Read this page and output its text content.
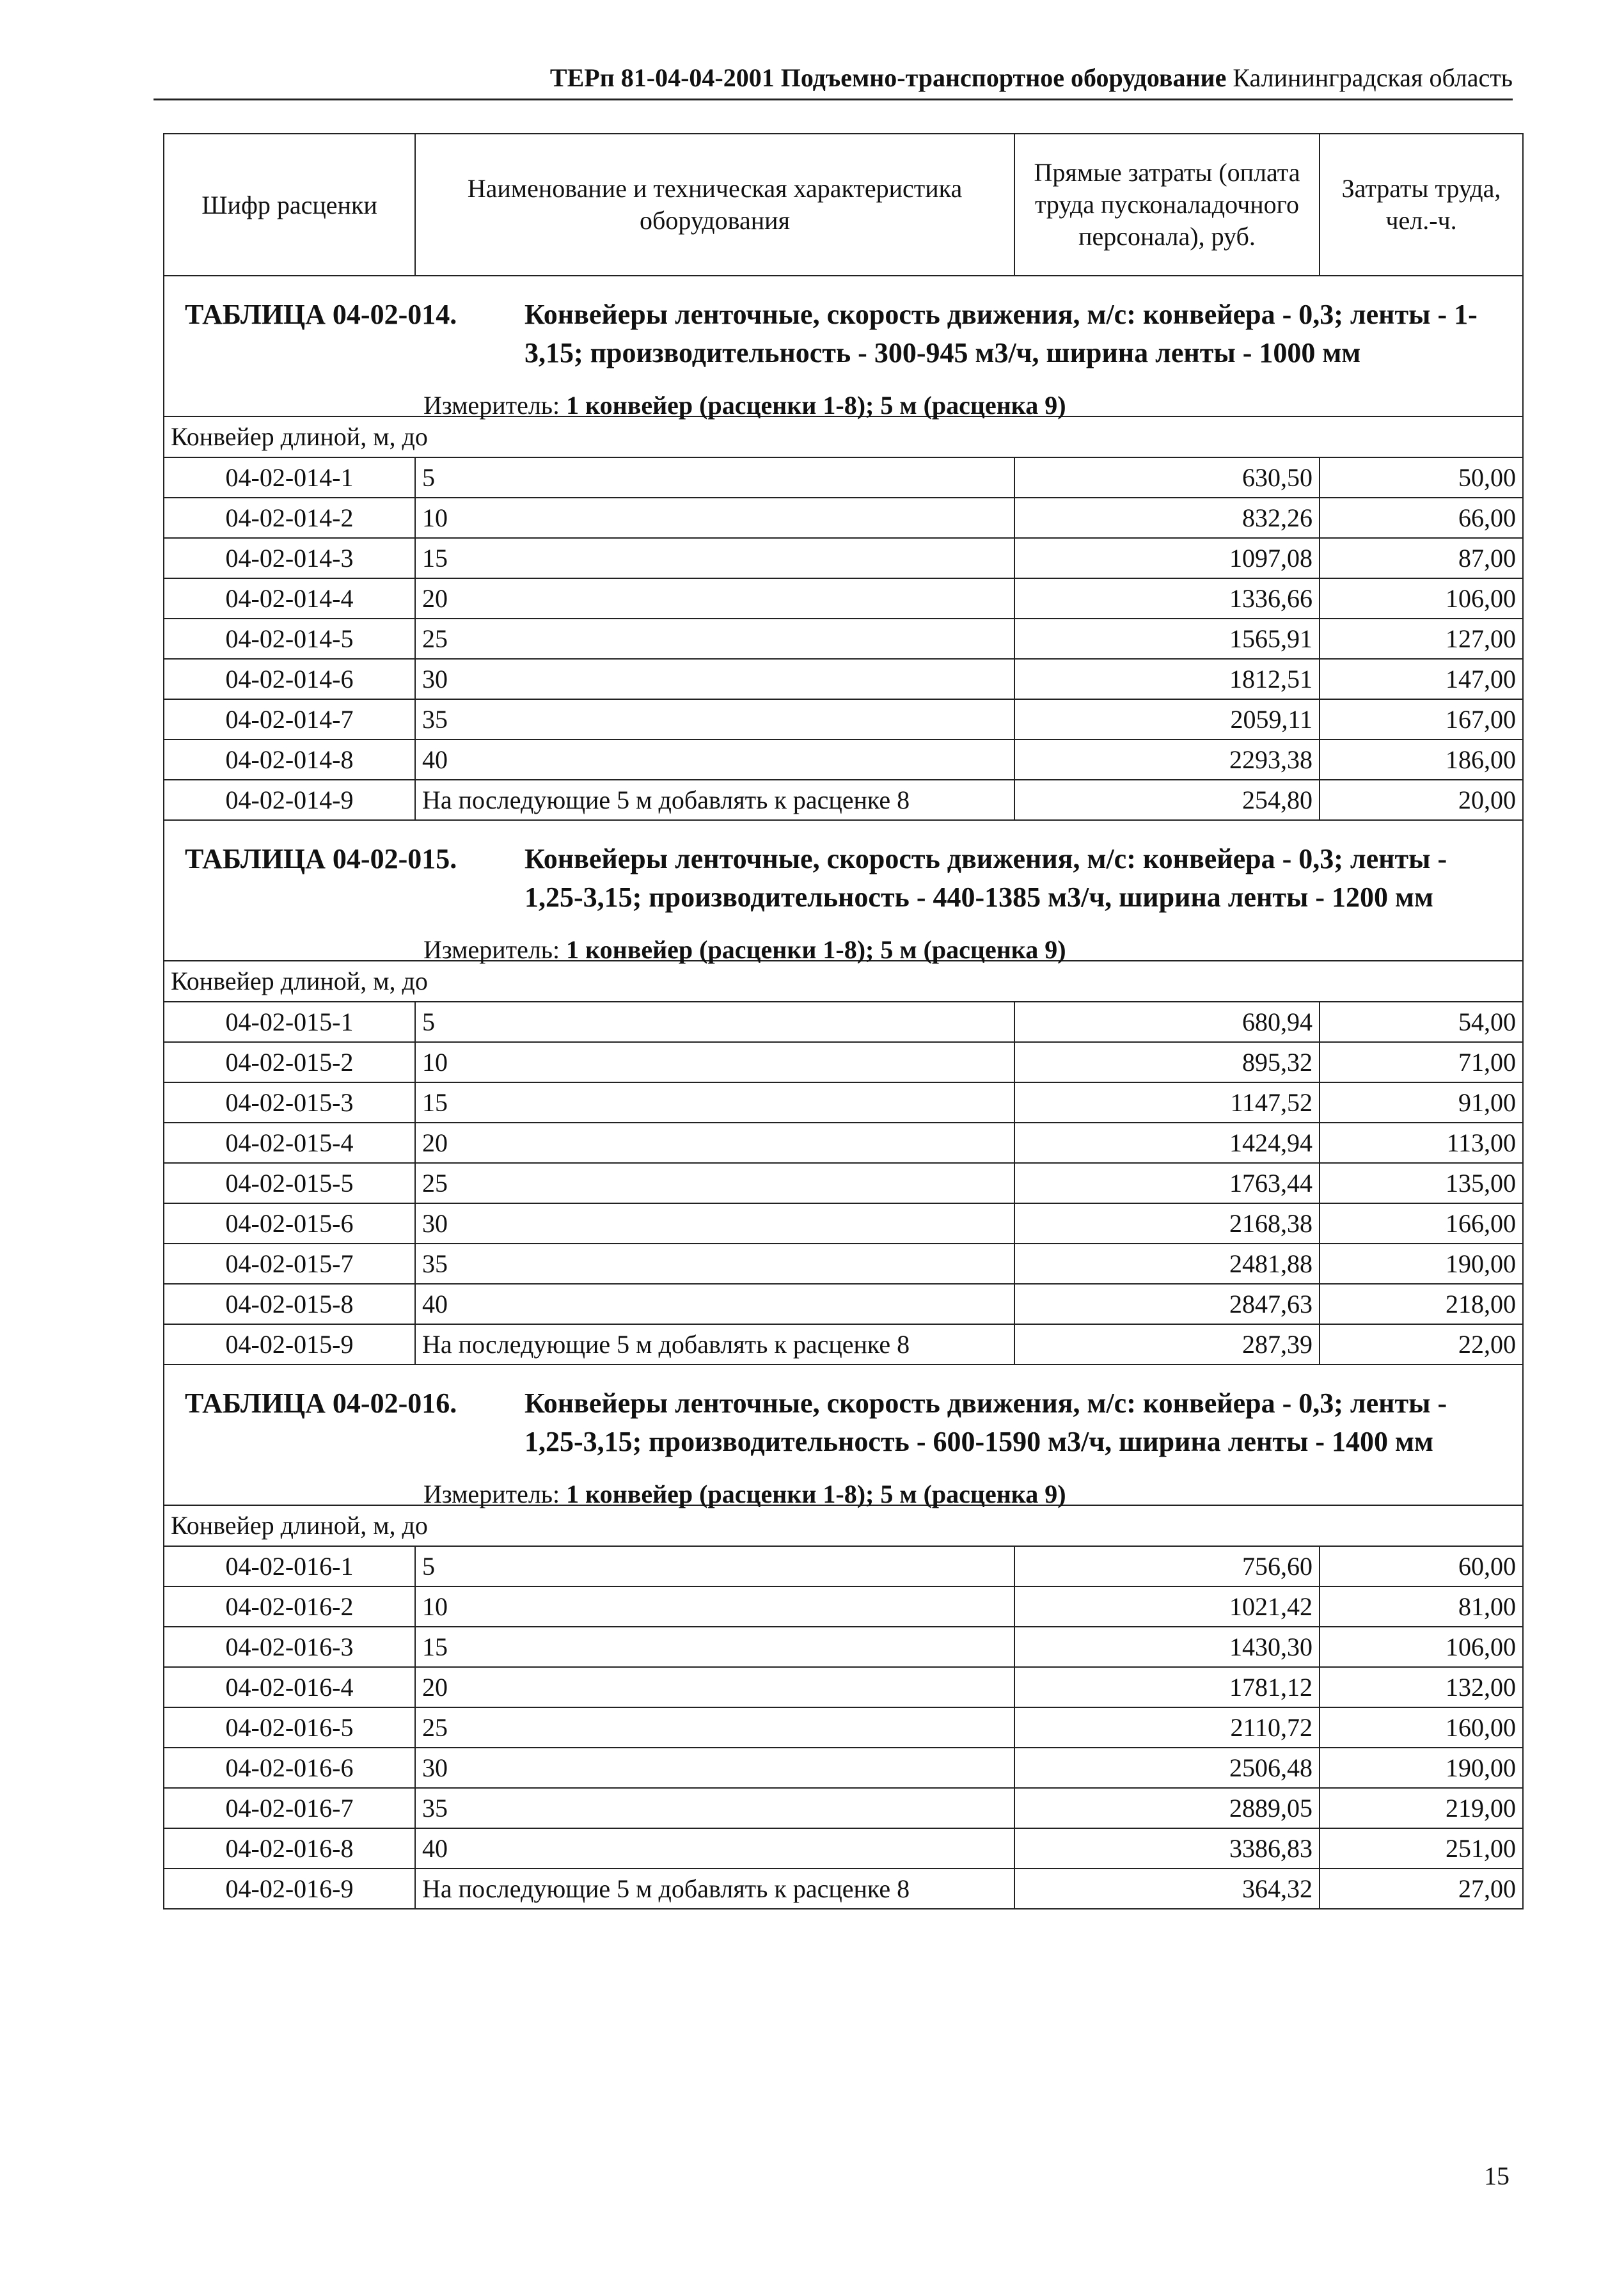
ТЕРп 81-04-04-2001 Подъемно-транспортное оборудование Калининградская область
Шифр расценки	Наименование и техническая характеристика оборудования	Прямые затраты (оплата труда пусконаладочного персонала), руб.	Затраты труда, чел.-ч.

ТАБЛИЦА 04-02-014. Конвейеры ленточные, скорость движения, м/с: конвейера - 0,3; ленты - 1-3,15; производительность - 300-945 м3/ч, ширина ленты - 1000 мм
Измеритель: 1 конвейер (расценки 1-8); 5 м (расценка 9)			

Конвейер длиной, м, до			
04-02-014-1	5	630,50	50,00
04-02-014-2	10	832,26	66,00
04-02-014-3	15	1097,08	87,00
04-02-014-4	20	1336,66	106,00
04-02-014-5	25	1565,91	127,00
04-02-014-6	30	1812,51	147,00
04-02-014-7	35	2059,11	167,00
04-02-014-8	40	2293,38	186,00
04-02-014-9	На последующие 5 м добавлять к расценке 8	254,80	20,00

ТАБЛИЦА 04-02-015. Конвейеры ленточные, скорость движения, м/с: конвейера - 0,3; ленты - 1,25-3,15; производительность - 440-1385 м3/ч, ширина ленты - 1200 мм
Измеритель: 1 конвейер (расценки 1-8); 5 м (расценка 9)			

Конвейер длиной, м, до			
04-02-015-1	5	680,94	54,00
04-02-015-2	10	895,32	71,00
04-02-015-3	15	1147,52	91,00
04-02-015-4	20	1424,94	113,00
04-02-015-5	25	1763,44	135,00
04-02-015-6	30	2168,38	166,00
04-02-015-7	35	2481,88	190,00
04-02-015-8	40	2847,63	218,00
04-02-015-9	На последующие 5 м добавлять к расценке 8	287,39	22,00

ТАБЛИЦА 04-02-016. Конвейеры ленточные, скорость движения, м/с: конвейера - 0,3; ленты - 1,25-3,15; производительность - 600-1590 м3/ч, ширина ленты - 1400 мм
Измеритель: 1 конвейер (расценки 1-8); 5 м (расценка 9)			

Конвейер длиной, м, до			
04-02-016-1	5	756,60	60,00
04-02-016-2	10	1021,42	81,00
04-02-016-3	15	1430,30	106,00
04-02-016-4	20	1781,12	132,00
04-02-016-5	25	2110,72	160,00
04-02-016-6	30	2506,48	190,00
04-02-016-7	35	2889,05	219,00
04-02-016-8	40	3386,83	251,00
04-02-016-9	На последующие 5 м добавлять к расценке 8	364,32	27,00
15
